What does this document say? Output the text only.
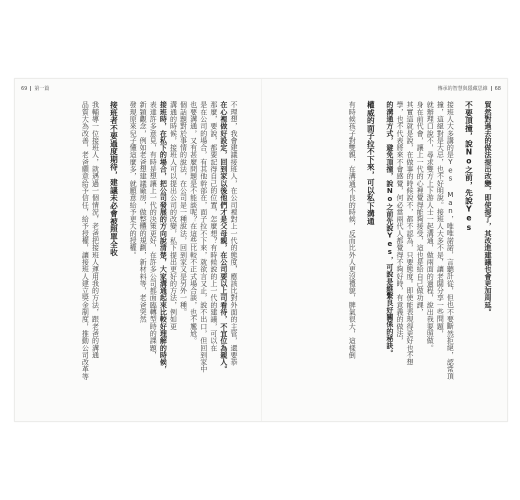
69 第一篇	傳承的智慧與隱藏思維 68
不理想，我會建議接班人，在公司裡對上一代的態度，應該比對外面的主管，還要恭
在心裡做好設定，回到家以後他們才是父母親，在公司要以上司看待，不宜位為親人。
那麼，要說，都要記得自己的位置，怎麼想？有時候說的上一代的建議，可以在
是在公司的場合，有其他幹部在，面子拉不下來，就欲言又止，說不出口，但回到家中
也要溝通，又有甚麼問題是不能談呢？在這些比較不正式場合談，也不尷尬。
個話題對於事情的說法，在公司是一種說法，回到家又是另外一種。
溝通的時候，接班人可以提出公司的改變，私下提出更好的方法，例如更
接班時，在私下的場合，把公司發展的方向說清楚，大家溝通起來比較好理解的時候，
表達許多意見，有時是想讓上一代的決策更好，在許多公司都面臨轉型時的課題，
新穎觀念，例如老爸想建議廠房，做整體的規劃，新材料等，老爸突然
發現原來兒子懂這麼多，就願意給予更大的授權。
接班者不要過度期待，建議未必會被照單全收
我輔導一位接班人，就遇過一個情況，老爸把接班人運用我的方法，跟老爸的溝通
品質大為改善，老爸願意給予信任，給予授權，讓接班人建立獎金制度，推動公司改革等	貿然對過去的做法提出改變，即使提了，其改進建議也會更加周延。
不要頂撞，說No之前，先說Yes
接班人大多講的是Yes Man，唯唯諾諾，言聽計從，但也不要斷然拒絕，認常頂
撞，這絕對是大忌，也不好明說。接班人大多不是，讓老闆分享一些問題，
就辦理口說不，尋求雙方上下游人士一起溝通，做兩面的過程，說出我要照做。
身在前代會，讓上一代的心裡覺得能夠接受，這也是給自己做功課，
其實這就是說，在做事的時候說不，都不認為，只要態度。即使能表現得更好也不想
學，也不代表將來不會感覺，何必當兩代人都覺得不夠好時，有意義的做法，
的溝通方式，避免頂撞，說No之前先說Yes，可說是維繫良好關係的秘訣。
權威的面子拉不下來，可以私下溝通
有時候孩子對雙親，在溝通不良的時候，反而比外人更沒禮貌，脾氣很大，這樣倒
